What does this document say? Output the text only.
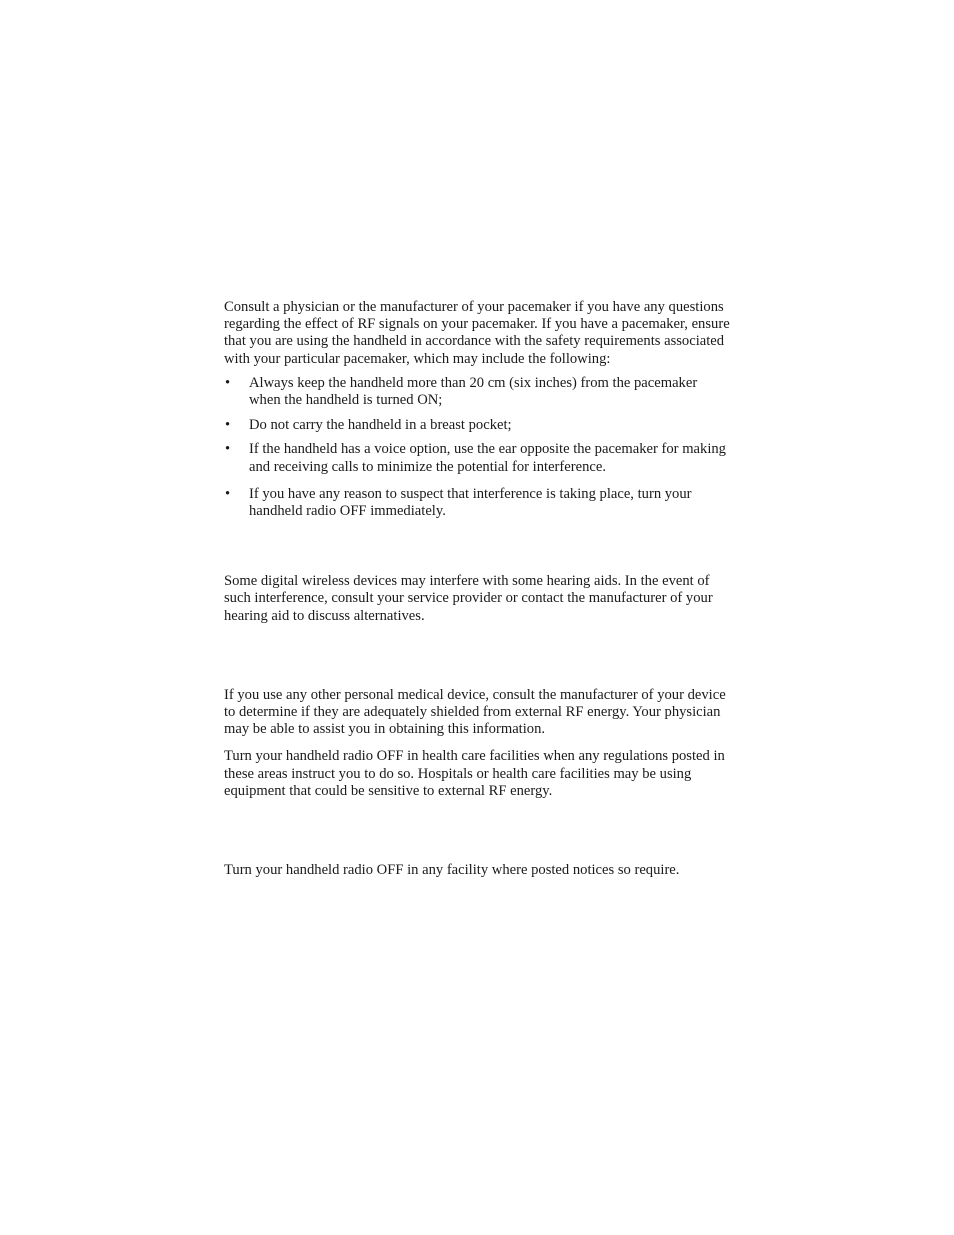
Consult a physician or the manufacturer of your pacemaker if you have any questions regarding the effect of RF signals on your pacemaker. If you have a pacemaker, ensure that you are using the handheld in accordance with the safety requirements associated with your particular pacemaker, which may include the following:

• Always keep the handheld more than 20 cm (six inches) from the pacemaker when the handheld is turned ON;
• Do not carry the handheld in a breast pocket;
• If the handheld has a voice option, use the ear opposite the pacemaker for making and receiving calls to minimize the potential for interference.
• If you have any reason to suspect that interference is taking place, turn your handheld radio OFF immediately.

Some digital wireless devices may interfere with some hearing aids. In the event of such interference, consult your service provider or contact the manufacturer of your hearing aid to discuss alternatives.

If you use any other personal medical device, consult the manufacturer of your device to determine if they are adequately shielded from external RF energy. Your physician may be able to assist you in obtaining this information.

Turn your handheld radio OFF in health care facilities when any regulations posted in these areas instruct you to do so. Hospitals or health care facilities may be using equipment that could be sensitive to external RF energy.

Turn your handheld radio OFF in any facility where posted notices so require.
